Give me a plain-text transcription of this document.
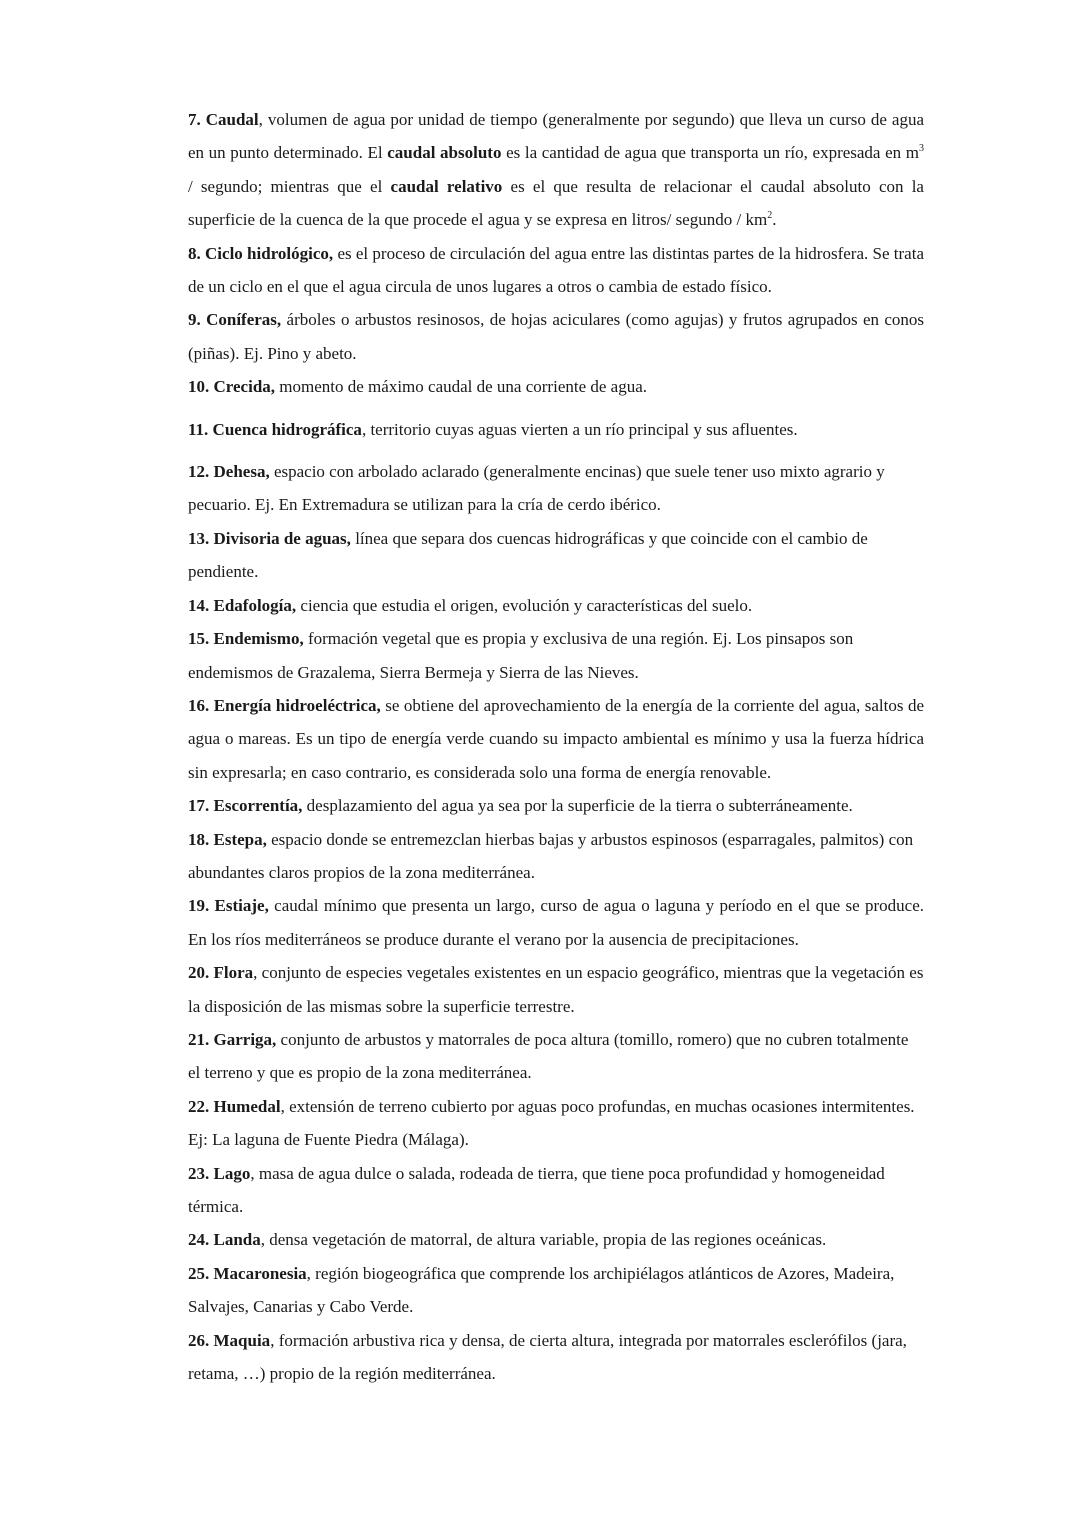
7. Caudal, volumen de agua por unidad de tiempo (generalmente por segundo) que lleva un curso de agua en un punto determinado. El caudal absoluto es la cantidad de agua que transporta un río, expresada en $m^3$ / segundo; mientras que el caudal relativo es el que resulta de relacionar el caudal absoluto con la superficie de la cuenca de la que procede el agua y se expresa en litros/ segundo / $km^2$.

8. Ciclo hidrológico, es el proceso de circulación del agua entre las distintas partes de la hidrosfera. Se trata de un ciclo en el que el agua circula de unos lugares a otros o cambia de estado físico.

9. Coníferas, árboles o arbustos resinosos, de hojas aciculares (como agujas) y frutos agrupados en conos (piñas). Ej. Pino y abeto.

10. Crecida, momento de máximo caudal de una corriente de agua.

11. Cuenca hidrográfica, territorio cuyas aguas vierten a un río principal y sus afluentes.

12. Dehesa, espacio con arbolado aclarado (generalmente encinas) que suele tener uso mixto agrario y pecuario. Ej. En Extremadura se utilizan para la cría de cerdo ibérico.

13. Divisoria de aguas, línea que separa dos cuencas hidrográficas y que coincide con el cambio de pendiente.

14. Edafología, ciencia que estudia el origen, evolución y características del suelo.

15. Endemismo, formación vegetal que es propia y exclusiva de una región. Ej. Los pinsapos son endemismos de Grazalema, Sierra Bermeja y Sierra de las Nieves.

16. Energía hidroeléctrica, se obtiene del aprovechamiento de la energía de la corriente del agua, saltos de agua o mareas. Es un tipo de energía verde cuando su impacto ambiental es mínimo y usa la fuerza hídrica sin expresarla; en caso contrario, es considerada solo una forma de energía renovable.

17. Escorrentía, desplazamiento del agua ya sea por la superficie de la tierra o subterráneamente.

18. Estepa, espacio donde se entremezclan hierbas bajas y arbustos espinosos (esparragales, palmitos) con abundantes claros propios de la zona mediterránea.

19. Estiaje, caudal mínimo que presenta un largo, curso de agua o laguna y período en el que se produce. En los ríos mediterráneos se produce durante el verano por la ausencia de precipitaciones.

20. Flora, conjunto de especies vegetales existentes en un espacio geográfico, mientras que la vegetación es la disposición de las mismas sobre la superficie terrestre.

21. Garriga, conjunto de arbustos y matorrales de poca altura (tomillo, romero) que no cubren totalmente el terreno y que es propio de la zona mediterránea.

22. Humedal, extensión de terreno cubierto por aguas poco profundas, en muchas ocasiones intermitentes. Ej: La laguna de Fuente Piedra (Málaga).

23. Lago, masa de agua dulce o salada, rodeada de tierra, que tiene poca profundidad y homogeneidad térmica.

24. Landa, densa vegetación de matorral, de altura variable, propia de las regiones oceánicas.

25. Macaronesia, región biogeográfica que comprende los archipiélagos atlánticos de Azores, Madeira, Salvajes, Canarias y Cabo Verde.

26. Maquia, formación arbustiva rica y densa, de cierta altura, integrada por matorrales esclerófilos (jara, retama, …) propio de la región mediterránea.
